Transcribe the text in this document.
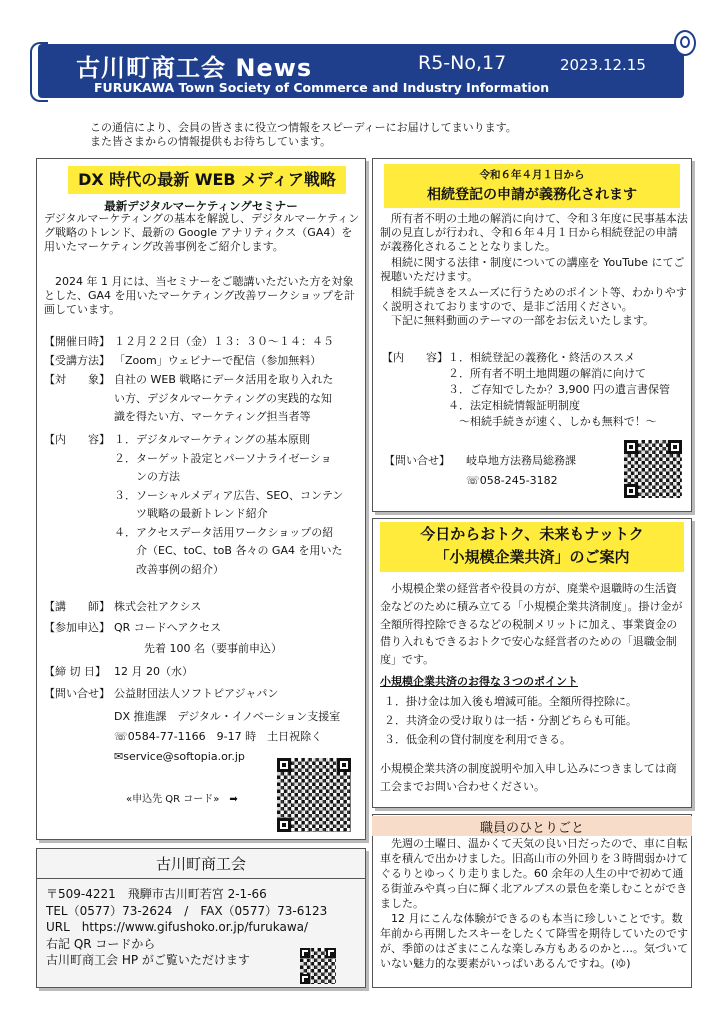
古川町商工会 News	R5-No,17	2023.12.15
FURUKAWA Town Society of Commerce and Industry Information
この通信により、会員の皆さまに役立つ情報をスピーディーにお届けしてまいります。
また皆さまからの情報提供もお待ちしています。
DX 時代の最新 WEB メディア戦略
最新デジタルマーケティングセミナー
デジタルマーケティングの基本を解説し、デジタルマーケティング戦略のトレンド、最新の Google アナリティクス（GA4）を用いたマーケティング改善事例をご紹介します。
2024 年 1 月には、当セミナーをご聴講いただいた方を対象とした、GA4 を用いたマーケティング改善ワークショップを計画しています。
【開催日時】 １２月２２日（金）１３：３０～１４：４５
【受講方法】 「Zoom」ウェビナーで配信（参加無料）
【対　　象】 自社の WEB 戦略にデータ活用を取り入れた
い方、デジタルマーケティングの実践的な知
識を得たい方、マーケティング担当者等
【内　　容】 １．デジタルマーケティングの基本原則
２．ターゲット設定とパーソナライゼーショ
　　ンの方法
３．ソーシャルメディア広告、SEO、コンテン
　　ツ戦略の最新トレンド紹介
４．アクセスデータ活用ワークショップの紹
　　介（EC、toC、toB 各々の GA4 を用いた
　　改善事例の紹介）
【講　　師】 株式会社アクシス
【参加申込】 QR コードへアクセス
先着 100 名（要事前申込）
【締 切 日】 12 月 20（水）
【問い合せ】 公益財団法人ソフトピアジャパン
DX 推進課　デジタル・イノベーション支援室
☏0584-77-1166　9-17 時　土日祝除く
✉service@softopia.or.jp
«申込先 QR コード»　➡
令和６年４月１日から
相続登記の申請が義務化されます
所有者不明の土地の解消に向けて、令和３年度に民事基本法制の見直しが行われ、令和６年４月１日から相続登記の申請が義務化されることとなりました。
相続に関する法律・制度についての講座を YouTube にてご視聴いただけます。
相続手続きをスムーズに行うためのポイント等、わかりやすく説明されておりますので、是非ご活用ください。
下記に無料動画のテーマの一部をお伝えいたします。
【内　　容】 １．相続登記の義務化・終活のススメ
２．所有者不明土地問題の解消に向けて
３．ご存知でしたか？3,900 円の遺言書保管
４．法定相続情報証明制度
　～相続手続きが速く、しかも無料で！～
【問い合せ】 岐阜地方法務局総務課
☏058-245-3182
今日からおトク、未来もナットク
「小規模企業共済」のご案内
小規模企業の経営者や役員の方が、廃業や退職時の生活資金などのために積み立てる「小規模企業共済制度」。掛け金が全額所得控除できるなどの税制メリットに加え、事業資金の借り入れもできるおトクで安心な経営者のための「退職金制度」です。
小規模企業共済のお得な３つのポイント
１．掛け金は加入後も増減可能。全額所得控除に。
２．共済金の受け取りは一括・分割どちらも可能。
３．低金利の貸付制度を利用できる。
小規模企業共済の制度説明や加入申し込みにつきましては商工会までお問い合わせください。
古川町商工会
〒509-4221　飛騨市古川町若宮 2-1-66
TEL（0577）73-2624　/　FAX（0577）73-6123
URL　https://www.gifushoko.or.jp/furukawa/
右記 QR コードから
古川町商工会 HP がご覧いただけます
職員のひとりごと
先週の土曜日、温かくて天気の良い日だったので、車に自転車を積んで出かけました。旧高山市の外回りを３時間弱かけてぐるりとゆっくり走りました。60 余年の人生の中で初めて通る街並みや真っ白に輝く北アルプスの景色を楽しむことができました。
12 月にこんな体験ができるのも本当に珍しいことです。数年前から再開したスキーをしたくて降雪を期待していたのですが、季節のはざまにこんな楽しみ方もあるのかと…。気づいていない魅力的な要素がいっぱいあるんですね。(ゆ)
